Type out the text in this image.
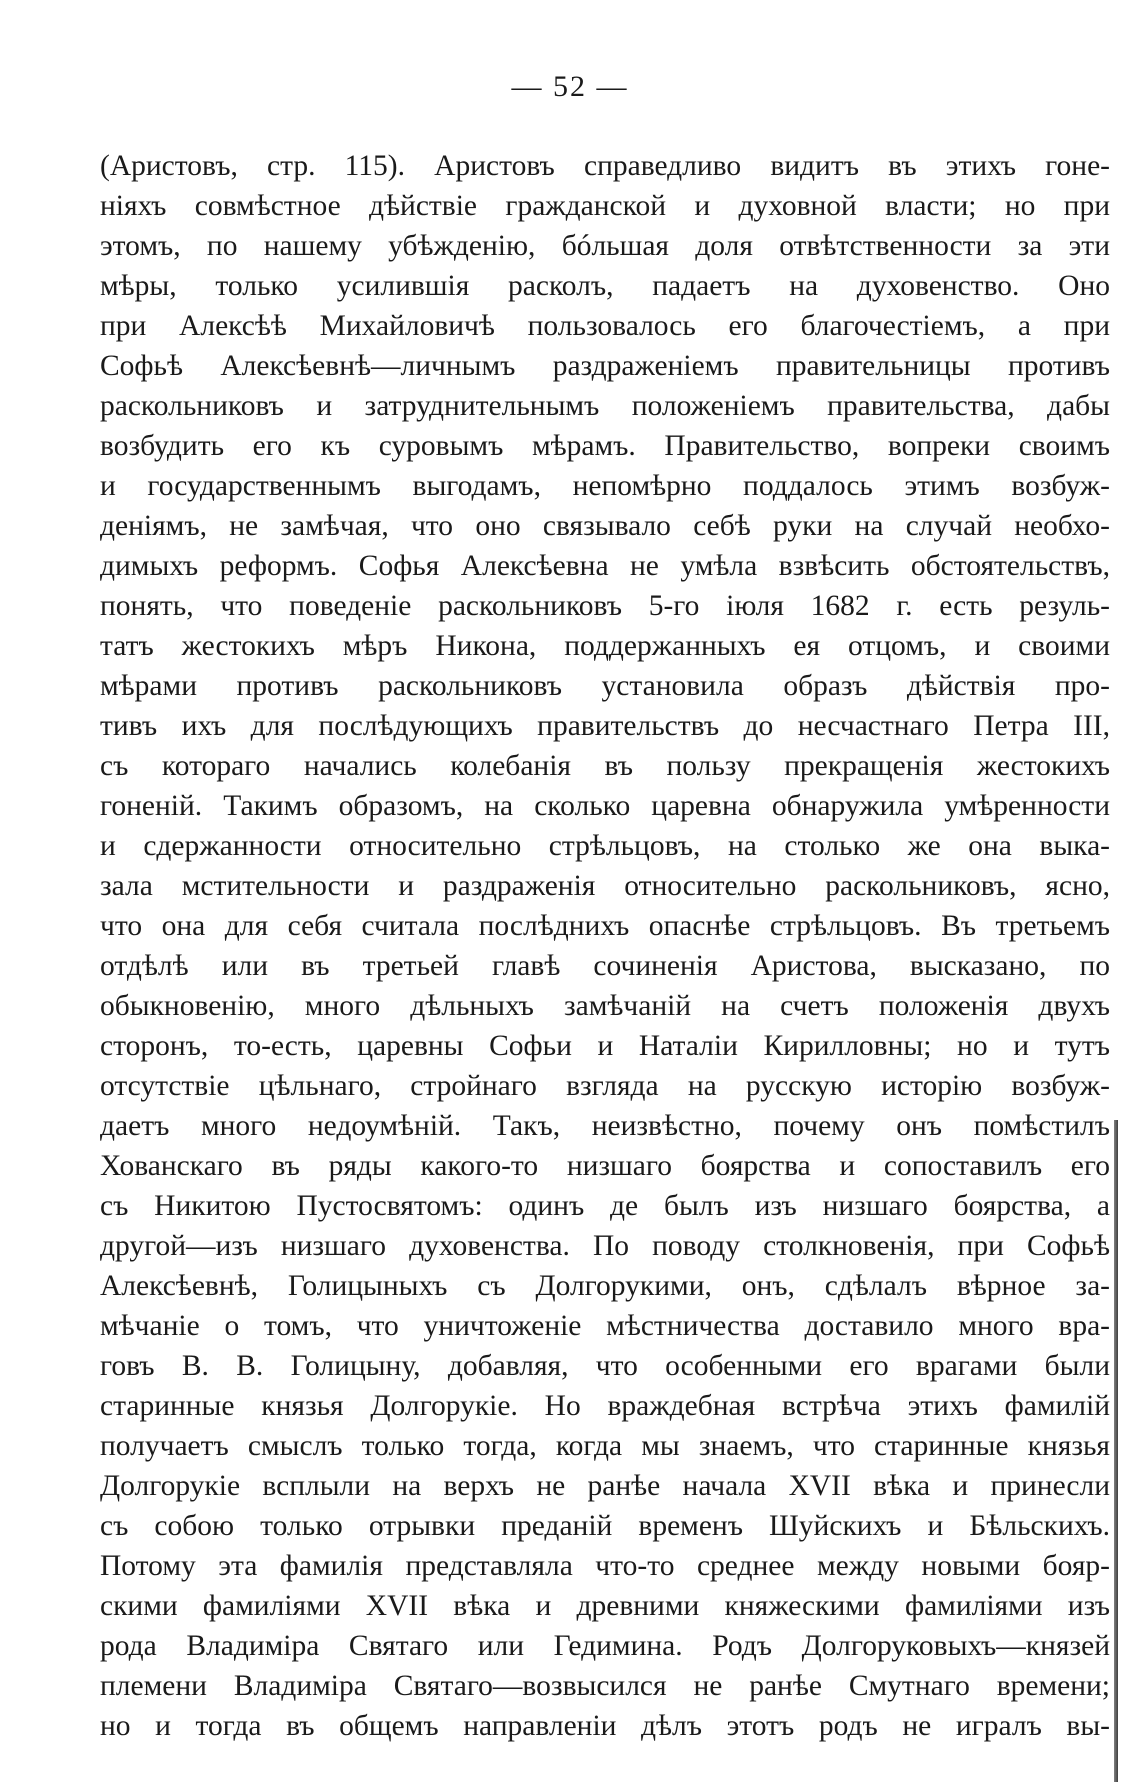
— 52 —
(Аристовъ, стр. 115). Аристовъ справедливо видитъ въ этихъ гоне-
ніяхъ совмѣстное дѣйствіе гражданской и духовной власти; но при
этомъ, по нашему убѣжденію, бóльшая доля отвѣтственности за эти
мѣры, только усилившія расколъ, падаетъ на духовенство. Оно
при Алексѣѣ Михайловичѣ пользовалось его благочестіемъ, а при
Софьѣ Алексѣевнѣ—личнымъ раздраженіемъ правительницы противъ
раскольниковъ и затруднительнымъ положеніемъ правительства, дабы
возбудить его къ суровымъ мѣрамъ. Правительство, вопреки своимъ
и государственнымъ выгодамъ, непомѣрно поддалось этимъ возбуж-
деніямъ, не замѣчая, что оно связывало себѣ руки на случай необхо-
димыхъ реформъ. Софья Алексѣевна не умѣла взвѣсить обстоятельствъ,
понять, что поведеніе раскольниковъ 5-го іюля 1682 г. есть резуль-
татъ жестокихъ мѣръ Никона, поддержанныхъ ея отцомъ, и своими
мѣрами противъ раскольниковъ установила образъ дѣйствія про-
тивъ ихъ для послѣдующихъ правительствъ до несчастнаго Петра III,
съ котораго начались колебанія въ пользу прекращенія жестокихъ
гоненій. Такимъ образомъ, на сколько царевна обнаружила умѣренности
и сдержанности относительно стрѣльцовъ, на столько же она выка-
зала мстительности и раздраженія относительно раскольниковъ, ясно,
что она для себя считала послѣднихъ опаснѣе стрѣльцовъ. Въ третьемъ
отдѣлѣ или въ третьей главѣ сочиненія Аристова, высказано, по
обыкновенію, много дѣльныхъ замѣчаній на счетъ положенія двухъ
сторонъ, то-есть, царевны Софьи и Наталіи Кирилловны; но и тутъ
отсутствіе цѣльнаго, стройнаго взгляда на русскую исторію возбуж-
даетъ много недоумѣній. Такъ, неизвѣстно, почему онъ помѣстилъ
Хованскаго въ ряды какого-то низшаго боярства и сопоставилъ его
съ Никитою Пустосвятомъ: одинъ де былъ изъ низшаго боярства, а
другой—изъ низшаго духовенства. По поводу столкновенія, при Софьѣ
Алексѣевнѣ, Голицыныхъ съ Долгорукими, онъ, сдѣлалъ вѣрное за-
мѣчаніе о томъ, что уничтоженіе мѣстничества доставило много вра-
говъ В. В. Голицыну, добавляя, что особенными его врагами были
старинные князья Долгорукіе. Но враждебная встрѣча этихъ фамилій
получаетъ смыслъ только тогда, когда мы знаемъ, что старинные князья
Долгорукіе всплыли на верхъ не ранѣе начала XVII вѣка и принесли
съ собою только отрывки преданій временъ Шуйскихъ и Бѣльскихъ.
Потому эта фамилія представляла что-то среднее между новыми бояр-
скими фамиліями XVII вѣка и древними княжескими фамиліями изъ
рода Владиміра Святаго или Гедимина. Родъ Долгоруковыхъ—князей
племени Владиміра Святаго—возвысился не ранѣе Смутнаго времени;
но и тогда въ общемъ направленіи дѣлъ этотъ родъ не игралъ вы-
